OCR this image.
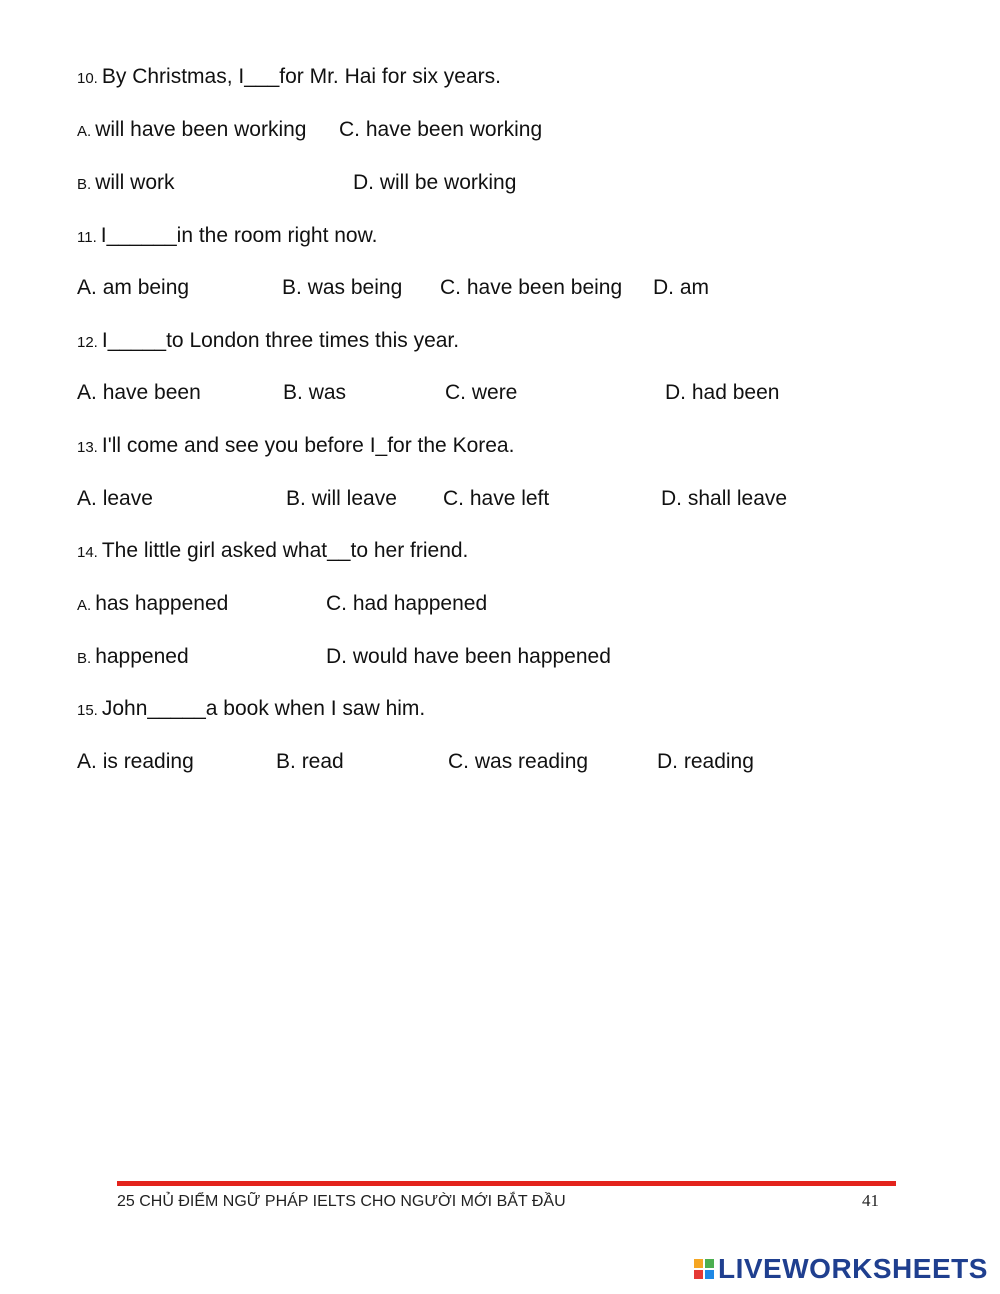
10. By Christmas, I___for Mr. Hai for six years.
A. will have been working C. have been working
B. will work	D. will be working
11. I______in the room right now.
A. am being	B. was being C. have been being D. am
12. I_____to London three times this year.
A. have been	B. was	C. were	D. had been
13. I'll come and see you before I_for the Korea.
A. leave	B. will leave C. have left	D. shall leave
14. The little girl asked what__to her friend.
A. has happened	C. had happened
B. happened	D. would have been happened
15. John_____a book when I saw him.
A. is reading	B. read	C. was reading	D. reading
25 CHỦ ĐIỂM NGỮ PHÁP IELTS CHO NGƯỜI MỚI BẮT ĐẦU	41
LIVEWORKSHEETS
